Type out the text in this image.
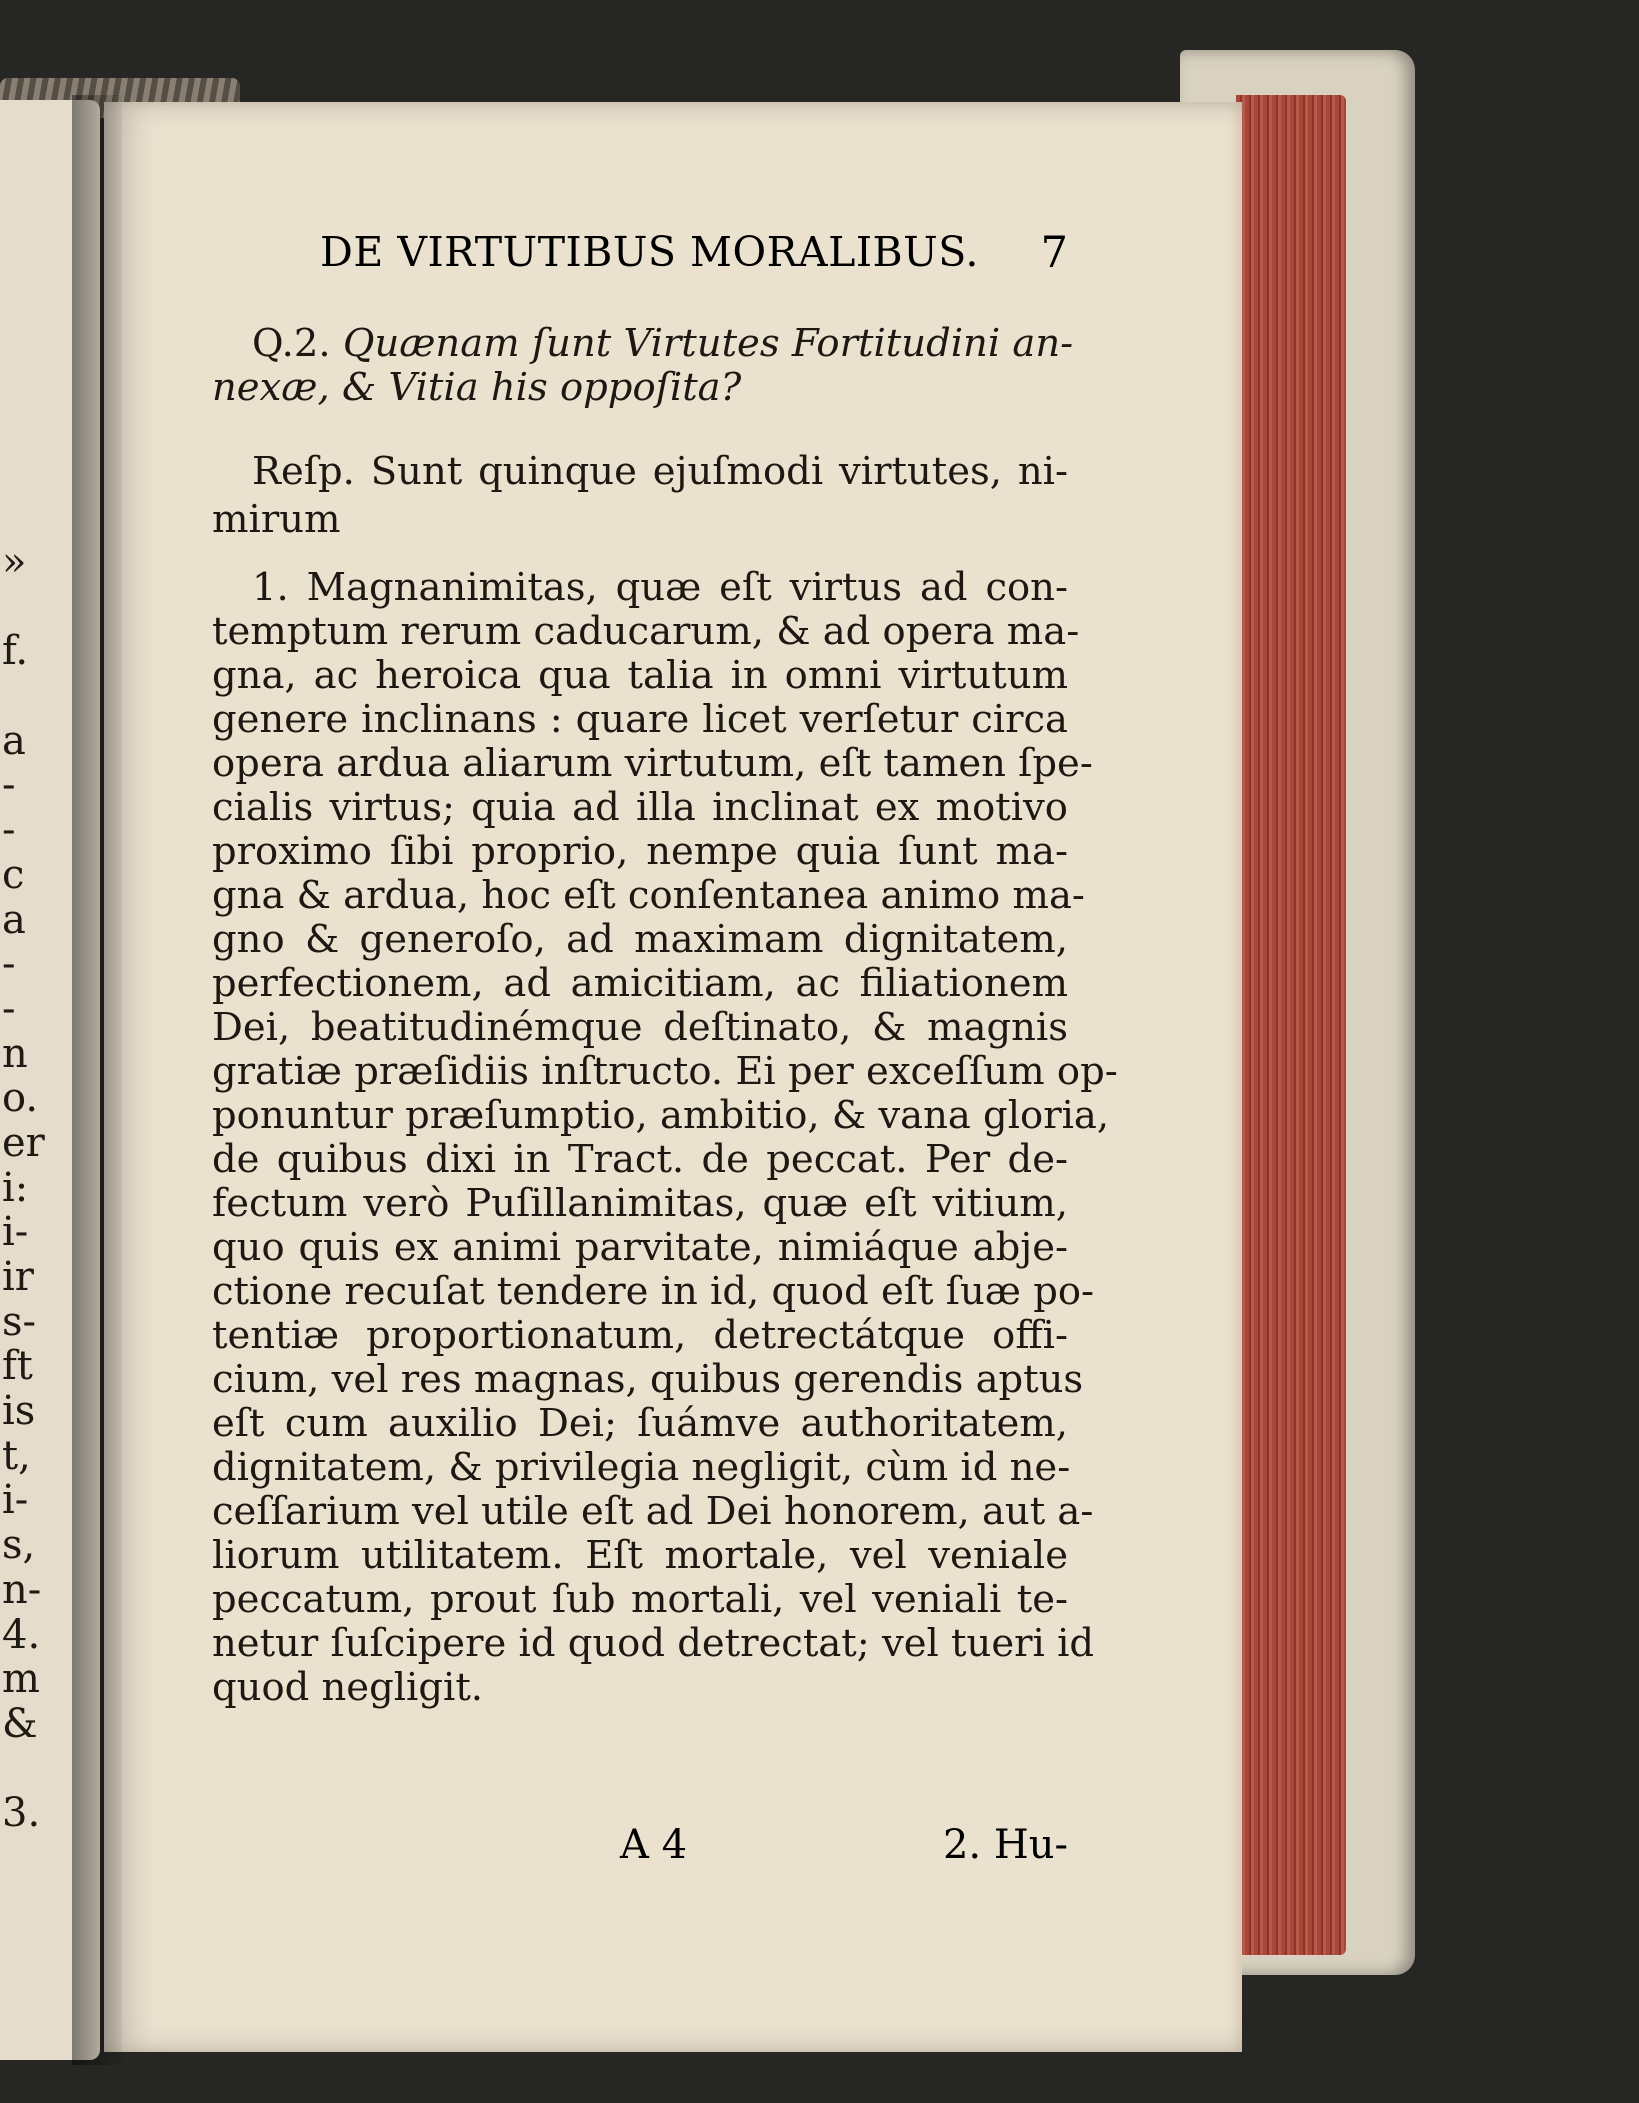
»
f.
a
-
-
c
a
-
-
n
o.
er
i:
i-
ir
s-
ft
is
t,
i-
s,
n-
4.
m
&
3.
DE VIRTUTIBUS MORALIBUS. 7
Q.2. Quænam ſunt Virtutes Fortitudini an-
nexæ, & Vitia his oppoſita?
Reſp. Sunt quinque ejuſmodi virtutes, ni-
mirum
1. Magnanimitas, quæ eſt virtus ad con-
temptum rerum caducarum, & ad opera ma-
gna, ac heroica qua talia in omni virtutum
genere inclinans : quare licet verſetur circa
opera ardua aliarum virtutum, eſt tamen ſpe-
cialis virtus; quia ad illa inclinat ex motivo
proximo ſibi proprio, nempe quia ſunt ma-
gna & ardua, hoc eſt conſentanea animo ma-
gno & generoſo, ad maximam dignitatem,
perfectionem, ad amicitiam, ac filiationem
Dei, beatitudinémque deſtinato, & magnis
gratiæ præſidiis inſtructo. Ei per exceſſum op-
ponuntur præſumptio, ambitio, & vana gloria,
de quibus dixi in Tract. de peccat. Per de-
fectum verò Puſillanimitas, quæ eſt vitium,
quo quis ex animi parvitate, nimiáque abje-
ctione recuſat tendere in id, quod eſt ſuæ po-
tentiæ proportionatum, detrectátque offi-
cium, vel res magnas, quibus gerendis aptus
eſt cum auxilio Dei; ſuámve authoritatem,
dignitatem, & privilegia negligit, cùm id ne-
ceſſarium vel utile eſt ad Dei honorem, aut a-
liorum utilitatem. Eſt mortale, vel veniale
peccatum, prout ſub mortali, vel veniali te-
netur ſuſcipere id quod detrectat; vel tueri id
quod negligit.
A 4	2. Hu-
